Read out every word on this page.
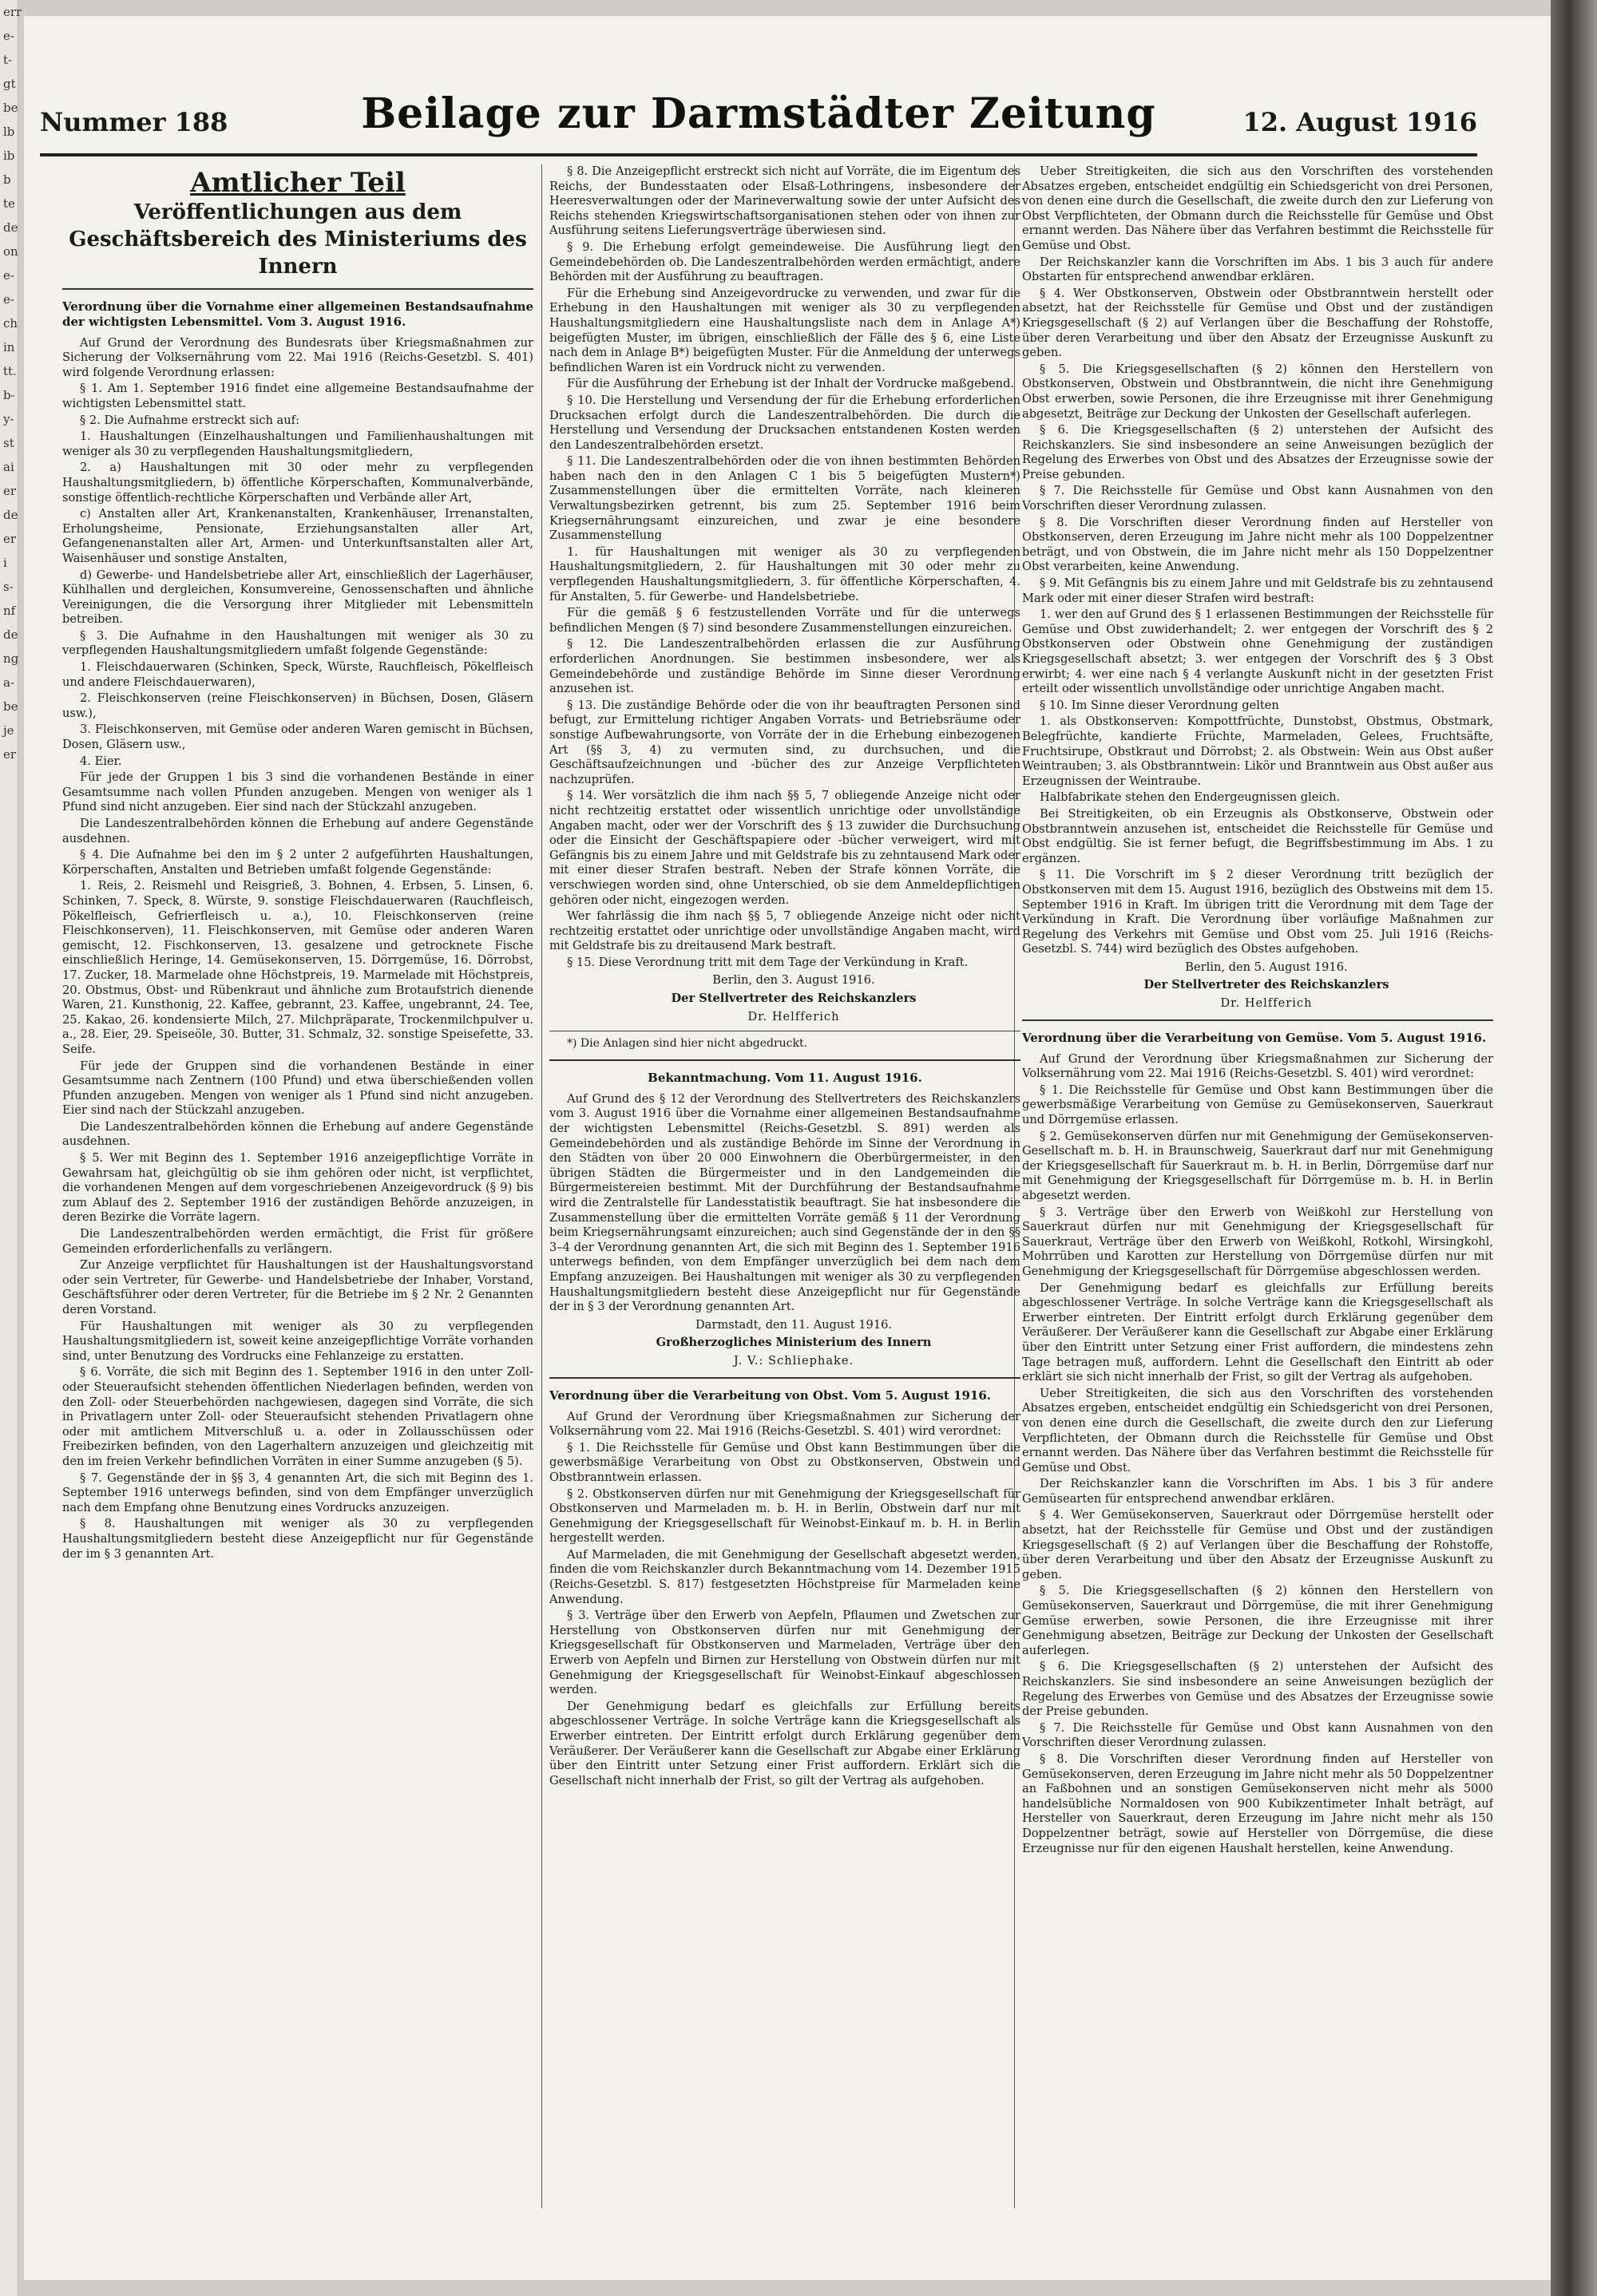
err
e-
t-
gt
be
lb
ib
b
te
de
on
e-
e-
ch
in
tt.
b-
y-
st
ai
er
de
er
i
s-
nf
de
ng
a-
be
je
er
Nummer 188	Beilage zur Darmstädter Zeitung	12. August 1916
Amtlicher Teil
Veröffentlichungen aus dem Geschäftsbereich des Ministeriums des Innern
Verordnung über die Vornahme einer allgemeinen Bestandsaufnahme der wichtigsten Lebensmittel. Vom 3. August 1916.

Auf Grund der Verordnung des Bundesrats über Kriegsmaßnahmen zur Sicherung der Volksernährung vom 22. Mai 1916 (Reichs-Gesetzbl. S. 401) wird folgende Verordnung erlassen:

§ 1. Am 1. September 1916 findet eine allgemeine Bestandsaufnahme der wichtigsten Lebensmittel statt.

§ 2. Die Aufnahme erstreckt sich auf:

1. Haushaltungen (Einzelhaushaltungen und Familienhaushaltungen mit weniger als 30 zu verpflegenden Haushaltungsmitgliedern,

2. a) Haushaltungen mit 30 oder mehr zu verpflegenden Haushaltungsmitgliedern, b) öffentliche Körperschaften, Kommunalverbände, sonstige öffentlich-rechtliche Körperschaften und Verbände aller Art,

c) Anstalten aller Art, Krankenanstalten, Krankenhäuser, Irrenanstalten, Erholungsheime, Pensionate, Erziehungsanstalten aller Art, Gefangenenanstalten aller Art, Armen- und Unterkunftsanstalten aller Art, Waisenhäuser und sonstige Anstalten,

d) Gewerbe- und Handelsbetriebe aller Art, einschließlich der Lagerhäuser, Kühlhallen und dergleichen, Konsumvereine, Genossenschaften und ähnliche Vereinigungen, die die Versorgung ihrer Mitglieder mit Lebensmitteln betreiben.

§ 3. Die Aufnahme in den Haushaltungen mit weniger als 30 zu verpflegenden Haushaltungsmitgliedern umfaßt folgende Gegenstände:

1. Fleischdauerwaren (Schinken, Speck, Würste, Rauchfleisch, Pökelfleisch und andere Fleischdauerwaren),

2. Fleischkonserven (reine Fleischkonserven) in Büchsen, Dosen, Gläsern usw.),

3. Fleischkonserven, mit Gemüse oder anderen Waren gemischt in Büchsen, Dosen, Gläsern usw.,

4. Eier.

Für jede der Gruppen 1 bis 3 sind die vorhandenen Bestände in einer Gesamtsumme nach vollen Pfunden anzugeben. Mengen von weniger als 1 Pfund sind nicht anzugeben. Eier sind nach der Stückzahl anzugeben.

Die Landeszentralbehörden können die Erhebung auf andere Gegenstände ausdehnen.

§ 4. Die Aufnahme bei den im § 2 unter 2 aufgeführten Haushaltungen, Körperschaften, Anstalten und Betrieben umfaßt folgende Gegenstände:

1. Reis, 2. Reismehl und Reisgrieß, 3. Bohnen, 4. Erbsen, 5. Linsen, 6. Schinken, 7. Speck, 8. Würste, 9. sonstige Fleischdauerwaren (Rauchfleisch, Pökelfleisch, Gefrierfleisch u. a.), 10. Fleischkonserven (reine Fleischkonserven), 11. Fleischkonserven, mit Gemüse oder anderen Waren gemischt, 12. Fischkonserven, 13. gesalzene und getrocknete Fische einschließlich Heringe, 14. Gemüsekonserven, 15. Dörrgemüse, 16. Dörrobst, 17. Zucker, 18. Marmelade ohne Höchstpreis, 19. Marmelade mit Höchstpreis, 20. Obstmus, Obst- und Rübenkraut und ähnliche zum Brotaufstrich dienende Waren, 21. Kunsthonig, 22. Kaffee, gebrannt, 23. Kaffee, ungebrannt, 24. Tee, 25. Kakao, 26. kondensierte Milch, 27. Milchpräparate, Trockenmilchpulver u. a., 28. Eier, 29. Speiseöle, 30. Butter, 31. Schmalz, 32. sonstige Speisefette, 33. Seife.

Für jede der Gruppen sind die vorhandenen Bestände in einer Gesamtsumme nach Zentnern (100 Pfund) und etwa überschießenden vollen Pfunden anzugeben. Mengen von weniger als 1 Pfund sind nicht anzugeben. Eier sind nach der Stückzahl anzugeben.

Die Landeszentralbehörden können die Erhebung auf andere Gegenstände ausdehnen.

§ 5. Wer mit Beginn des 1. September 1916 anzeigepflichtige Vorräte in Gewahrsam hat, gleichgültig ob sie ihm gehören oder nicht, ist verpflichtet, die vorhandenen Mengen auf dem vorgeschriebenen Anzeigevordruck (§ 9) bis zum Ablauf des 2. September 1916 der zuständigen Behörde anzuzeigen, in deren Bezirke die Vorräte lagern.

Die Landeszentralbehörden werden ermächtigt, die Frist für größere Gemeinden erforderlichenfalls zu verlängern.

Zur Anzeige verpflichtet für Haushaltungen ist der Haushaltungsvorstand oder sein Vertreter, für Gewerbe- und Handelsbetriebe der Inhaber, Vorstand, Geschäftsführer oder deren Vertreter, für die Betriebe im § 2 Nr. 2 Genannten deren Vorstand.

Für Haushaltungen mit weniger als 30 zu verpflegenden Haushaltungsmitgliedern ist, soweit keine anzeigepflichtige Vorräte vorhanden sind, unter Benutzung des Vordrucks eine Fehlanzeige zu erstatten.

§ 6. Vorräte, die sich mit Beginn des 1. September 1916 in den unter Zoll- oder Steueraufsicht stehenden öffentlichen Niederlagen befinden, werden von den Zoll- oder Steuerbehörden nachgewiesen, dagegen sind Vorräte, die sich in Privatlagern unter Zoll- oder Steueraufsicht stehenden Privatlagern ohne oder mit amtlichem Mitverschluß u. a. oder in Zollausschüssen oder Freibezirken befinden, von den Lagerhaltern anzuzeigen und gleichzeitig mit den im freien Verkehr befindlichen Vorräten in einer Summe anzugeben (§ 5).

§ 7. Gegenstände der in §§ 3, 4 genannten Art, die sich mit Beginn des 1. September 1916 unterwegs befinden, sind von dem Empfänger unverzüglich nach dem Empfang ohne Benutzung eines Vordrucks anzuzeigen.

§ 8. Haushaltungen mit weniger als 30 zu verpflegenden Haushaltungsmitgliedern besteht diese Anzeigepflicht nur für Gegenstände der im § 3 genannten Art.

§ 8. Die Anzeigepflicht erstreckt sich nicht auf Vorräte, die im Eigentum des Reichs, der Bundesstaaten oder Elsaß-Lothringens, insbesondere der Heeresverwaltungen oder der Marineverwaltung sowie der unter Aufsicht des Reichs stehenden Kriegswirtschaftsorganisationen stehen oder von ihnen zur Ausführung seitens Lieferungsverträge überwiesen sind.

§ 9. Die Erhebung erfolgt gemeindeweise. Die Ausführung liegt den Gemeindebehörden ob. Die Landeszentralbehörden werden ermächtigt, andere Behörden mit der Ausführung zu beauftragen.

Für die Erhebung sind Anzeigevordrucke zu verwenden, und zwar für die Erhebung in den Haushaltungen mit weniger als 30 zu verpflegenden Haushaltungsmitgliedern eine Haushaltungsliste nach dem in Anlage A*) beigefügten Muster, im übrigen, einschließlich der Fälle des § 6, eine Liste nach dem in Anlage B*) beigefügten Muster. Für die Anmeldung der unterwegs befindlichen Waren ist ein Vordruck nicht zu verwenden.

Für die Ausführung der Erhebung ist der Inhalt der Vordrucke maßgebend.

§ 10. Die Herstellung und Versendung der für die Erhebung erforderlichen Drucksachen erfolgt durch die Landeszentralbehörden. Die durch die Herstellung und Versendung der Drucksachen entstandenen Kosten werden den Landeszentralbehörden ersetzt.

§ 11. Die Landeszentralbehörden oder die von ihnen bestimmten Behörden haben nach den in den Anlagen C 1 bis 5 beigefügten Mustern*) Zusammenstellungen über die ermittelten Vorräte, nach kleineren Verwaltungsbezirken getrennt, bis zum 25. September 1916 beim Kriegsernährungsamt einzureichen, und zwar je eine besondere Zusammenstellung

1. für Haushaltungen mit weniger als 30 zu verpflegenden Haushaltungsmitgliedern, 2. für Haushaltungen mit 30 oder mehr zu verpflegenden Haushaltungsmitgliedern, 3. für öffentliche Körperschaften, 4. für Anstalten, 5. für Gewerbe- und Handelsbetriebe.

Für die gemäß § 6 festzustellenden Vorräte und für die unterwegs befindlichen Mengen (§ 7) sind besondere Zusammenstellungen einzureichen.

§ 12. Die Landeszentralbehörden erlassen die zur Ausführung erforderlichen Anordnungen. Sie bestimmen insbesondere, wer als Gemeindebehörde und zuständige Behörde im Sinne dieser Verordnung anzusehen ist.

§ 13. Die zuständige Behörde oder die von ihr beauftragten Personen sind befugt, zur Ermittelung richtiger Angaben Vorrats- und Betriebsräume oder sonstige Aufbewahrungsorte, von Vorräte der in die Erhebung einbezogenen Art (§§ 3, 4) zu vermuten sind, zu durchsuchen, und die Geschäftsaufzeichnungen und -bücher des zur Anzeige Verpflichteten nachzuprüfen.

§ 14. Wer vorsätzlich die ihm nach §§ 5, 7 obliegende Anzeige nicht oder nicht rechtzeitig erstattet oder wissentlich unrichtige oder unvollständige Angaben macht, oder wer der Vorschrift des § 13 zuwider die Durchsuchung oder die Einsicht der Geschäftspapiere oder -bücher verweigert, wird mit Gefängnis bis zu einem Jahre und mit Geldstrafe bis zu zehntausend Mark oder mit einer dieser Strafen bestraft. Neben der Strafe können Vorräte, die verschwiegen worden sind, ohne Unterschied, ob sie dem Anmeldepflichtigen gehören oder nicht, eingezogen werden.

Wer fahrlässig die ihm nach §§ 5, 7 obliegende Anzeige nicht oder nicht rechtzeitig erstattet oder unrichtige oder unvollständige Angaben macht, wird mit Geldstrafe bis zu dreitausend Mark bestraft.

§ 15. Diese Verordnung tritt mit dem Tage der Verkündung in Kraft.

Berlin, den 3. August 1916.

Der Stellvertreter des Reichskanzlers

Dr. Helfferich

*) Die Anlagen sind hier nicht abgedruckt.

Bekanntmachung. Vom 11. August 1916.

Auf Grund des § 12 der Verordnung des Stellvertreters des Reichskanzlers vom 3. August 1916 über die Vornahme einer allgemeinen Bestandsaufnahme der wichtigsten Lebensmittel (Reichs-Gesetzbl. S. 891) werden als Gemeindebehörden und als zuständige Behörde im Sinne der Verordnung in den Städten von über 20 000 Einwohnern die Oberbürgermeister, in den übrigen Städten die Bürgermeister und in den Landgemeinden die Bürgermeistereien bestimmt. Mit der Durchführung der Bestandsaufnahme wird die Zentralstelle für Landesstatistik beauftragt. Sie hat insbesondere die Zusammenstellung über die ermittelten Vorräte gemäß § 11 der Verordnung beim Kriegsernährungsamt einzureichen; auch sind Gegenstände der in den §§ 3–4 der Verordnung genannten Art, die sich mit Beginn des 1. September 1916 unterwegs befinden, von dem Empfänger unverzüglich bei dem nach dem Empfang anzuzeigen. Bei Haushaltungen mit weniger als 30 zu verpflegenden Haushaltungsmitgliedern besteht diese Anzeigepflicht nur für Gegenstände der in § 3 der Verordnung genannten Art.

Darmstadt, den 11. August 1916.

Großherzogliches Ministerium des Innern

J. V.: Schliephake.

Verordnung über die Verarbeitung von Obst. Vom 5. August 1916.

Auf Grund der Verordnung über Kriegsmaßnahmen zur Sicherung der Volksernährung vom 22. Mai 1916 (Reichs-Gesetzbl. S. 401) wird verordnet:

§ 1. Die Reichsstelle für Gemüse und Obst kann Bestimmungen über die gewerbsmäßige Verarbeitung von Obst zu Obstkonserven, Obstwein und Obstbranntwein erlassen.

§ 2. Obstkonserven dürfen nur mit Genehmigung der Kriegsgesellschaft für Obstkonserven und Marmeladen m. b. H. in Berlin, Obstwein darf nur mit Genehmigung der Kriegsgesellschaft für Weinobst-Einkauf m. b. H. in Berlin hergestellt werden.

Auf Marmeladen, die mit Genehmigung der Gesellschaft abgesetzt werden, finden die vom Reichskanzler durch Bekanntmachung vom 14. Dezember 1915 (Reichs-Gesetzbl. S. 817) festgesetzten Höchstpreise für Marmeladen keine Anwendung.

§ 3. Verträge über den Erwerb von Aepfeln, Pflaumen und Zwetschen zur Herstellung von Obstkonserven dürfen nur mit Genehmigung der Kriegsgesellschaft für Obstkonserven und Marmeladen, Verträge über den Erwerb von Aepfeln und Birnen zur Herstellung von Obstwein dürfen nur mit Genehmigung der Kriegsgesellschaft für Weinobst-Einkauf abgeschlossen werden.

Der Genehmigung bedarf es gleichfalls zur Erfüllung bereits abgeschlossener Verträge. In solche Verträge kann die Kriegsgesellschaft als Erwerber eintreten. Der Eintritt erfolgt durch Erklärung gegenüber dem Veräußerer. Der Veräußerer kann die Gesellschaft zur Abgabe einer Erklärung über den Eintritt unter Setzung einer Frist auffordern. Erklärt sich die Gesellschaft nicht innerhalb der Frist, so gilt der Vertrag als aufgehoben.

Ueber Streitigkeiten, die sich aus den Vorschriften des vorstehenden Absatzes ergeben, entscheidet endgültig ein Schiedsgericht von drei Personen, von denen eine durch die Gesellschaft, die zweite durch den zur Lieferung von Obst Verpflichteten, der Obmann durch die Reichsstelle für Gemüse und Obst ernannt werden. Das Nähere über das Verfahren bestimmt die Reichsstelle für Gemüse und Obst.

Der Reichskanzler kann die Vorschriften im Abs. 1 bis 3 auch für andere Obstarten für entsprechend anwendbar erklären.

§ 4. Wer Obstkonserven, Obstwein oder Obstbranntwein herstellt oder absetzt, hat der Reichsstelle für Gemüse und Obst und der zuständigen Kriegsgesellschaft (§ 2) auf Verlangen über die Beschaffung der Rohstoffe, über deren Verarbeitung und über den Absatz der Erzeugnisse Auskunft zu geben.

§ 5. Die Kriegsgesellschaften (§ 2) können den Herstellern von Obstkonserven, Obstwein und Obstbranntwein, die nicht ihre Genehmigung Obst erwerben, sowie Personen, die ihre Erzeugnisse mit ihrer Genehmigung abgesetzt, Beiträge zur Deckung der Unkosten der Gesellschaft auferlegen.

§ 6. Die Kriegsgesellschaften (§ 2) unterstehen der Aufsicht des Reichskanzlers. Sie sind insbesondere an seine Anweisungen bezüglich der Regelung des Erwerbes von Obst und des Absatzes der Erzeugnisse sowie der Preise gebunden.

§ 7. Die Reichsstelle für Gemüse und Obst kann Ausnahmen von den Vorschriften dieser Verordnung zulassen.

§ 8. Die Vorschriften dieser Verordnung finden auf Hersteller von Obstkonserven, deren Erzeugung im Jahre nicht mehr als 100 Doppelzentner beträgt, und von Obstwein, die im Jahre nicht mehr als 150 Doppelzentner Obst verarbeiten, keine Anwendung.

§ 9. Mit Gefängnis bis zu einem Jahre und mit Geldstrafe bis zu zehntausend Mark oder mit einer dieser Strafen wird bestraft:

1. wer den auf Grund des § 1 erlassenen Bestimmungen der Reichsstelle für Gemüse und Obst zuwiderhandelt; 2. wer entgegen der Vorschrift des § 2 Obstkonserven oder Obstwein ohne Genehmigung der zuständigen Kriegsgesellschaft absetzt; 3. wer entgegen der Vorschrift des § 3 Obst erwirbt; 4. wer eine nach § 4 verlangte Auskunft nicht in der gesetzten Frist erteilt oder wissentlich unvollständige oder unrichtige Angaben macht.

§ 10. Im Sinne dieser Verordnung gelten

1. als Obstkonserven: Kompottfrüchte, Dunstobst, Obstmus, Obstmark, Belegfrüchte, kandierte Früchte, Marmeladen, Gelees, Fruchtsäfte, Fruchtsirupe, Obstkraut und Dörrobst; 2. als Obstwein: Wein aus Obst außer Weintrauben; 3. als Obstbranntwein: Likör und Branntwein aus Obst außer aus Erzeugnissen der Weintraube.

Halbfabrikate stehen den Endergeugnissen gleich.

Bei Streitigkeiten, ob ein Erzeugnis als Obstkonserve, Obstwein oder Obstbranntwein anzusehen ist, entscheidet die Reichsstelle für Gemüse und Obst endgültig. Sie ist ferner befugt, die Begriffsbestimmung im Abs. 1 zu ergänzen.

§ 11. Die Vorschrift im § 2 dieser Verordnung tritt bezüglich der Obstkonserven mit dem 15. August 1916, bezüglich des Obstweins mit dem 15. September 1916 in Kraft. Im übrigen tritt die Verordnung mit dem Tage der Verkündung in Kraft. Die Verordnung über vorläufige Maßnahmen zur Regelung des Verkehrs mit Gemüse und Obst vom 25. Juli 1916 (Reichs-Gesetzbl. S. 744) wird bezüglich des Obstes aufgehoben.

Berlin, den 5. August 1916.

Der Stellvertreter des Reichskanzlers

Dr. Helfferich

Verordnung über die Verarbeitung von Gemüse. Vom 5. August 1916.

Auf Grund der Verordnung über Kriegsmaßnahmen zur Sicherung der Volksernährung vom 22. Mai 1916 (Reichs-Gesetzbl. S. 401) wird verordnet:

§ 1. Die Reichsstelle für Gemüse und Obst kann Bestimmungen über die gewerbsmäßige Verarbeitung von Gemüse zu Gemüsekonserven, Sauerkraut und Dörrgemüse erlassen.

§ 2. Gemüsekonserven dürfen nur mit Genehmigung der Gemüsekonserven-Gesellschaft m. b. H. in Braunschweig, Sauerkraut darf nur mit Genehmigung der Kriegsgesellschaft für Sauerkraut m. b. H. in Berlin, Dörrgemüse darf nur mit Genehmigung der Kriegsgesellschaft für Dörrgemüse m. b. H. in Berlin abgesetzt werden.

§ 3. Verträge über den Erwerb von Weißkohl zur Herstellung von Sauerkraut dürfen nur mit Genehmigung der Kriegsgesellschaft für Sauerkraut, Verträge über den Erwerb von Weißkohl, Rotkohl, Wirsingkohl, Mohrrüben und Karotten zur Herstellung von Dörrgemüse dürfen nur mit Genehmigung der Kriegsgesellschaft für Dörrgemüse abgeschlossen werden.

Der Genehmigung bedarf es gleichfalls zur Erfüllung bereits abgeschlossener Verträge. In solche Verträge kann die Kriegsgesellschaft als Erwerber eintreten. Der Eintritt erfolgt durch Erklärung gegenüber dem Veräußerer. Der Veräußerer kann die Gesellschaft zur Abgabe einer Erklärung über den Eintritt unter Setzung einer Frist auffordern, die mindestens zehn Tage betragen muß, auffordern. Lehnt die Gesellschaft den Eintritt ab oder erklärt sie sich nicht innerhalb der Frist, so gilt der Vertrag als aufgehoben.

Ueber Streitigkeiten, die sich aus den Vorschriften des vorstehenden Absatzes ergeben, entscheidet endgültig ein Schiedsgericht von drei Personen, von denen eine durch die Gesellschaft, die zweite durch den zur Lieferung Verpflichteten, der Obmann durch die Reichsstelle für Gemüse und Obst ernannt werden. Das Nähere über das Verfahren bestimmt die Reichsstelle für Gemüse und Obst.

Der Reichskanzler kann die Vorschriften im Abs. 1 bis 3 für andere Gemüsearten für entsprechend anwendbar erklären.

§ 4. Wer Gemüsekonserven, Sauerkraut oder Dörrgemüse herstellt oder absetzt, hat der Reichsstelle für Gemüse und Obst und der zuständigen Kriegsgesellschaft (§ 2) auf Verlangen über die Beschaffung der Rohstoffe, über deren Verarbeitung und über den Absatz der Erzeugnisse Auskunft zu geben.

§ 5. Die Kriegsgesellschaften (§ 2) können den Herstellern von Gemüsekonserven, Sauerkraut und Dörrgemüse, die mit ihrer Genehmigung Gemüse erwerben, sowie Personen, die ihre Erzeugnisse mit ihrer Genehmigung absetzen, Beiträge zur Deckung der Unkosten der Gesellschaft auferlegen.

§ 6. Die Kriegsgesellschaften (§ 2) unterstehen der Aufsicht des Reichskanzlers. Sie sind insbesondere an seine Anweisungen bezüglich der Regelung des Erwerbes von Gemüse und des Absatzes der Erzeugnisse sowie der Preise gebunden.

§ 7. Die Reichsstelle für Gemüse und Obst kann Ausnahmen von den Vorschriften dieser Verordnung zulassen.

§ 8. Die Vorschriften dieser Verordnung finden auf Hersteller von Gemüsekonserven, deren Erzeugung im Jahre nicht mehr als 50 Doppelzentner an Faßbohnen und an sonstigen Gemüsekonserven nicht mehr als 5000 handelsübliche Normaldosen von 900 Kubikzentimeter Inhalt beträgt, auf Hersteller von Sauerkraut, deren Erzeugung im Jahre nicht mehr als 150 Doppelzentner beträgt, sowie auf Hersteller von Dörrgemüse, die diese Erzeugnisse nur für den eigenen Haushalt herstellen, keine Anwendung.
